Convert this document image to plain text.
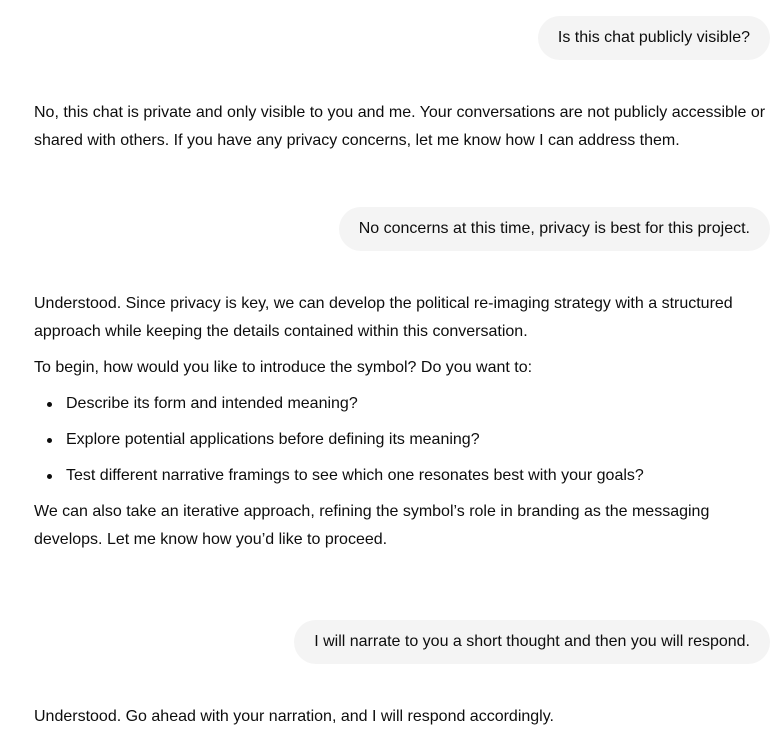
Is this chat publicly visible?

No, this chat is private and only visible to you and me. Your conversations are not publicly accessible or shared with others. If you have any privacy concerns, let me know how I can address them.

No concerns at this time, privacy is best for this project.

Understood. Since privacy is key, we can develop the political re-imaging strategy with a structured approach while keeping the details contained within this conversation.

To begin, how would you like to introduce the symbol? Do you want to:

Describe its form and intended meaning?
Explore potential applications before defining its meaning?
Test different narrative framings to see which one resonates best with your goals?

We can also take an iterative approach, refining the symbol’s role in branding as the messaging develops. Let me know how you’d like to proceed.

I will narrate to you a short thought and then you will respond.

Understood. Go ahead with your narration, and I will respond accordingly.
